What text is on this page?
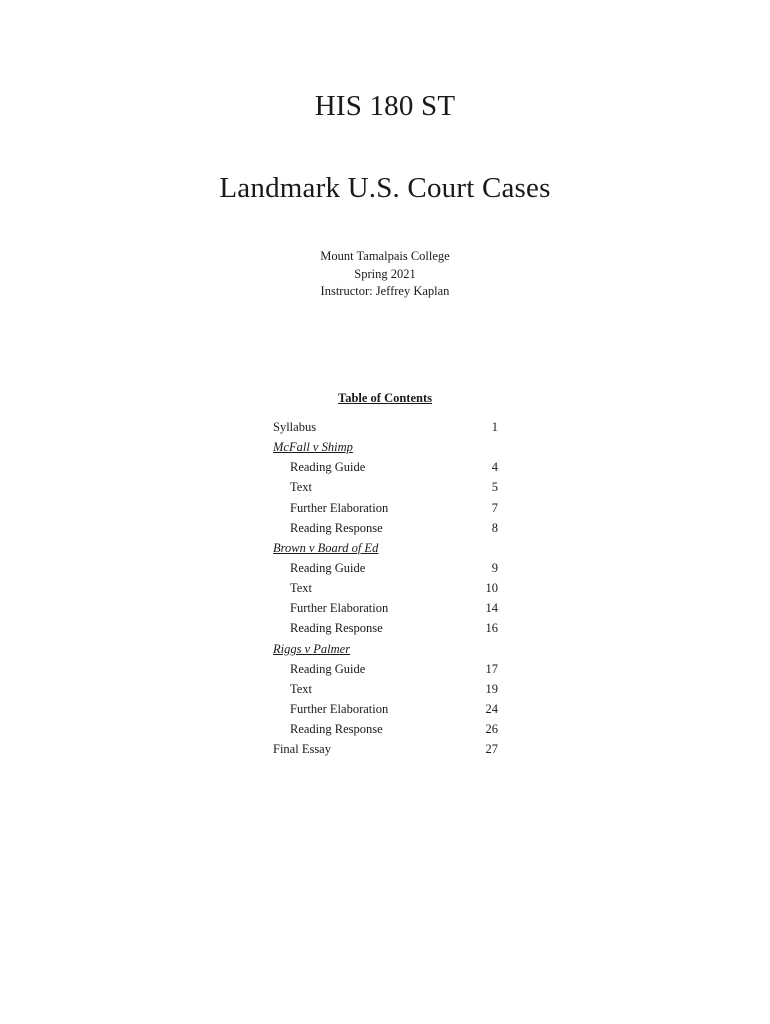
HIS 180 ST
Landmark U.S. Court Cases
Mount Tamalpais College
Spring 2021
Instructor: Jeffrey Kaplan
Table of Contents
Syllabus	1
McFall v Shimp
Reading Guide	4
Text	5
Further Elaboration	7
Reading Response	8
Brown v Board of Ed
Reading Guide	9
Text	10
Further Elaboration	14
Reading Response	16
Riggs v Palmer
Reading Guide	17
Text	19
Further Elaboration	24
Reading Response	26
Final Essay	27
